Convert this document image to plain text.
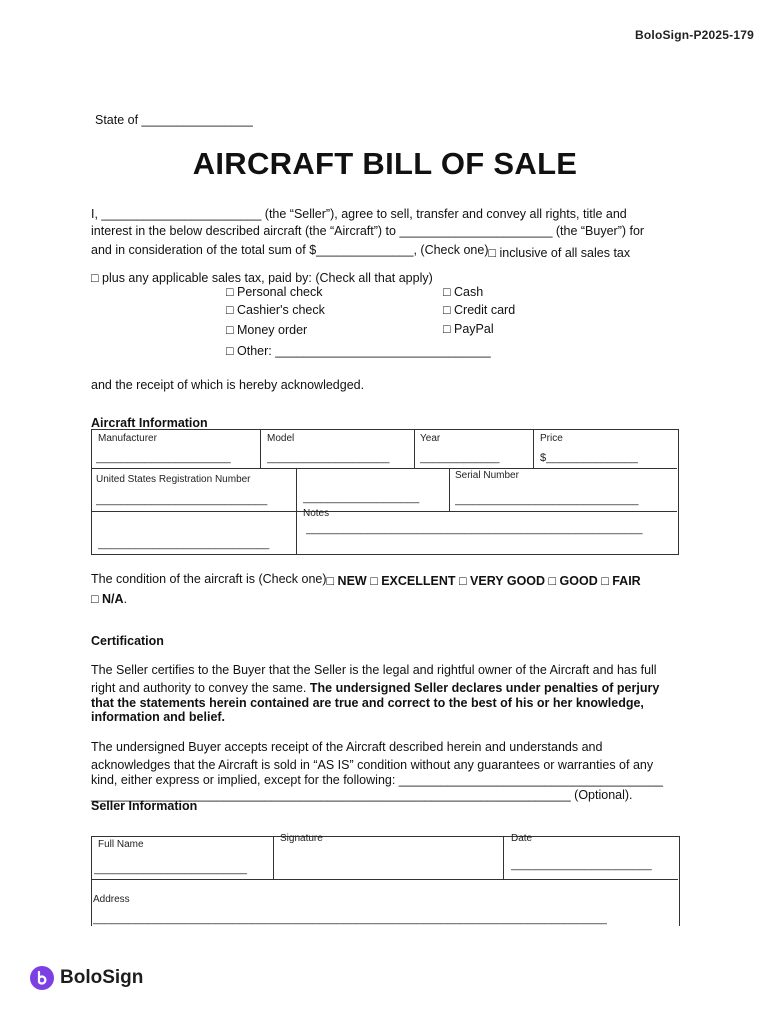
BoloSign-P2025-179
State of ________________
AIRCRAFT BILL OF SALE
I, _______________________ (the “Seller”), agree to sell, transfer and convey all rights, title and
interest in the below described aircraft (the “Aircraft”) to ______________________ (the “Buyer”) for
and in consideration of the total sum of $______________, (Check one)□ inclusive of all sales tax
□ plus any applicable sales tax, paid by: (Check all that apply)
□ Personal check
□ Cashier's check
□ Money order
□ Other: _______________________________
□ Cash
□ Credit card
□ PayPal
and the receipt of which is hereby acknowledged.
Aircraft Information
Manufacturer
______________________
Model
____________________
Year
_____________
Price
$_______________
United States Registration Number
____________________________	___________________
Serial Number
______________________________
Notes
_______________________________________________________
____________________________
The condition of the aircraft is (Check one)□ NEW □ EXCELLENT □ VERY GOOD □ GOOD □ FAIR
□ N/A.
Certification
The Seller certifies to the Buyer that the Seller is the legal and rightful owner of the Aircraft and has full
right and authority to convey the same. The undersigned Seller declares under penalties of perjury
that the statements herein contained are true and correct to the best of his or her knowledge,
information and belief.
The undersigned Buyer accepts receipt of the Aircraft described herein and understands and
acknowledges that the Aircraft is sold in “AS IS” condition without any guarantees or warranties of any
kind, either express or implied, except for the following: ______________________________________
_____________________________________________________________________ (Optional).
Seller Information
Full Name
_________________________
Signature	Date
_______________________
Address
____________________________________________________________________________________
BoloSign
